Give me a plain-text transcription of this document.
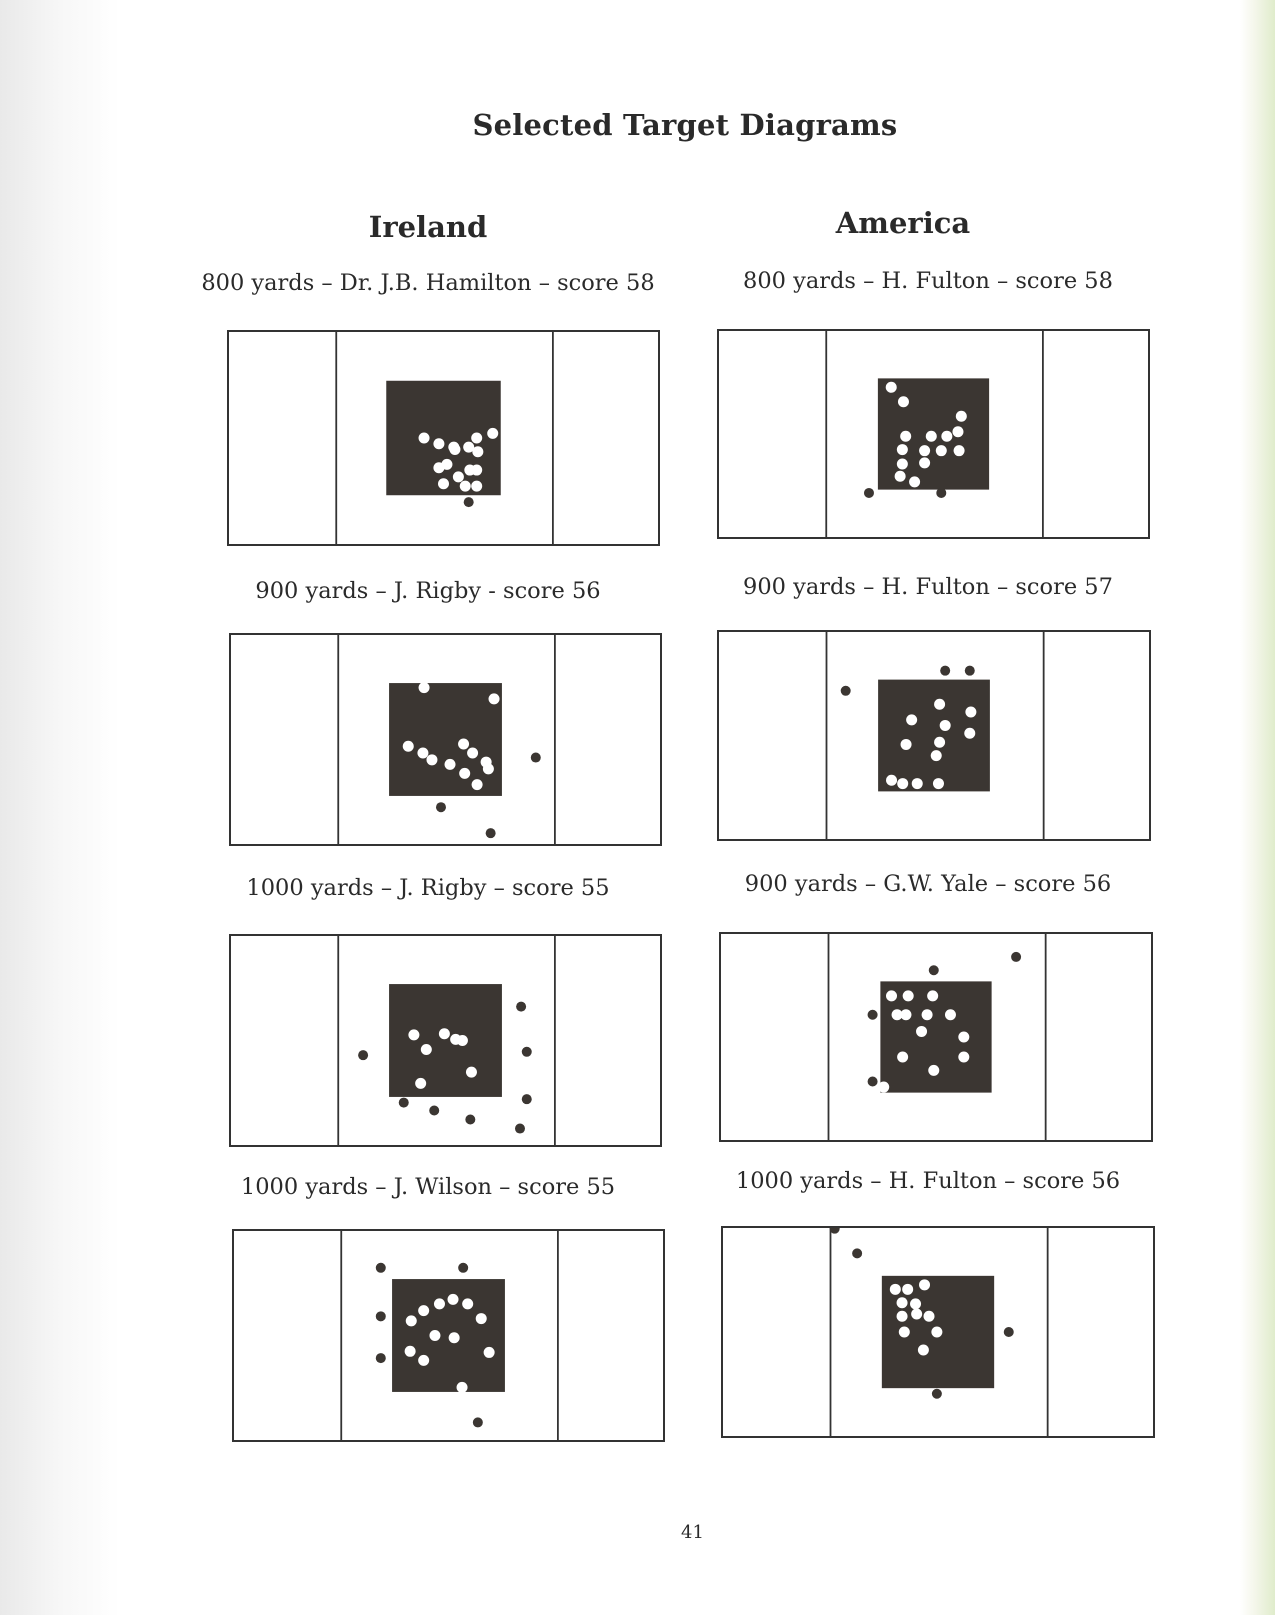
Selected Target Diagrams
Ireland	America
800 yards – Dr. J.B. Hamilton – score 58
900 yards – J. Rigby - score 56
1000 yards – J. Rigby – score 55
1000 yards – J. Wilson – score 55
800 yards – H. Fulton – score 58
900 yards – H. Fulton – score 57
900 yards – G.W. Yale – score 56
1000 yards – H. Fulton – score 56
41
